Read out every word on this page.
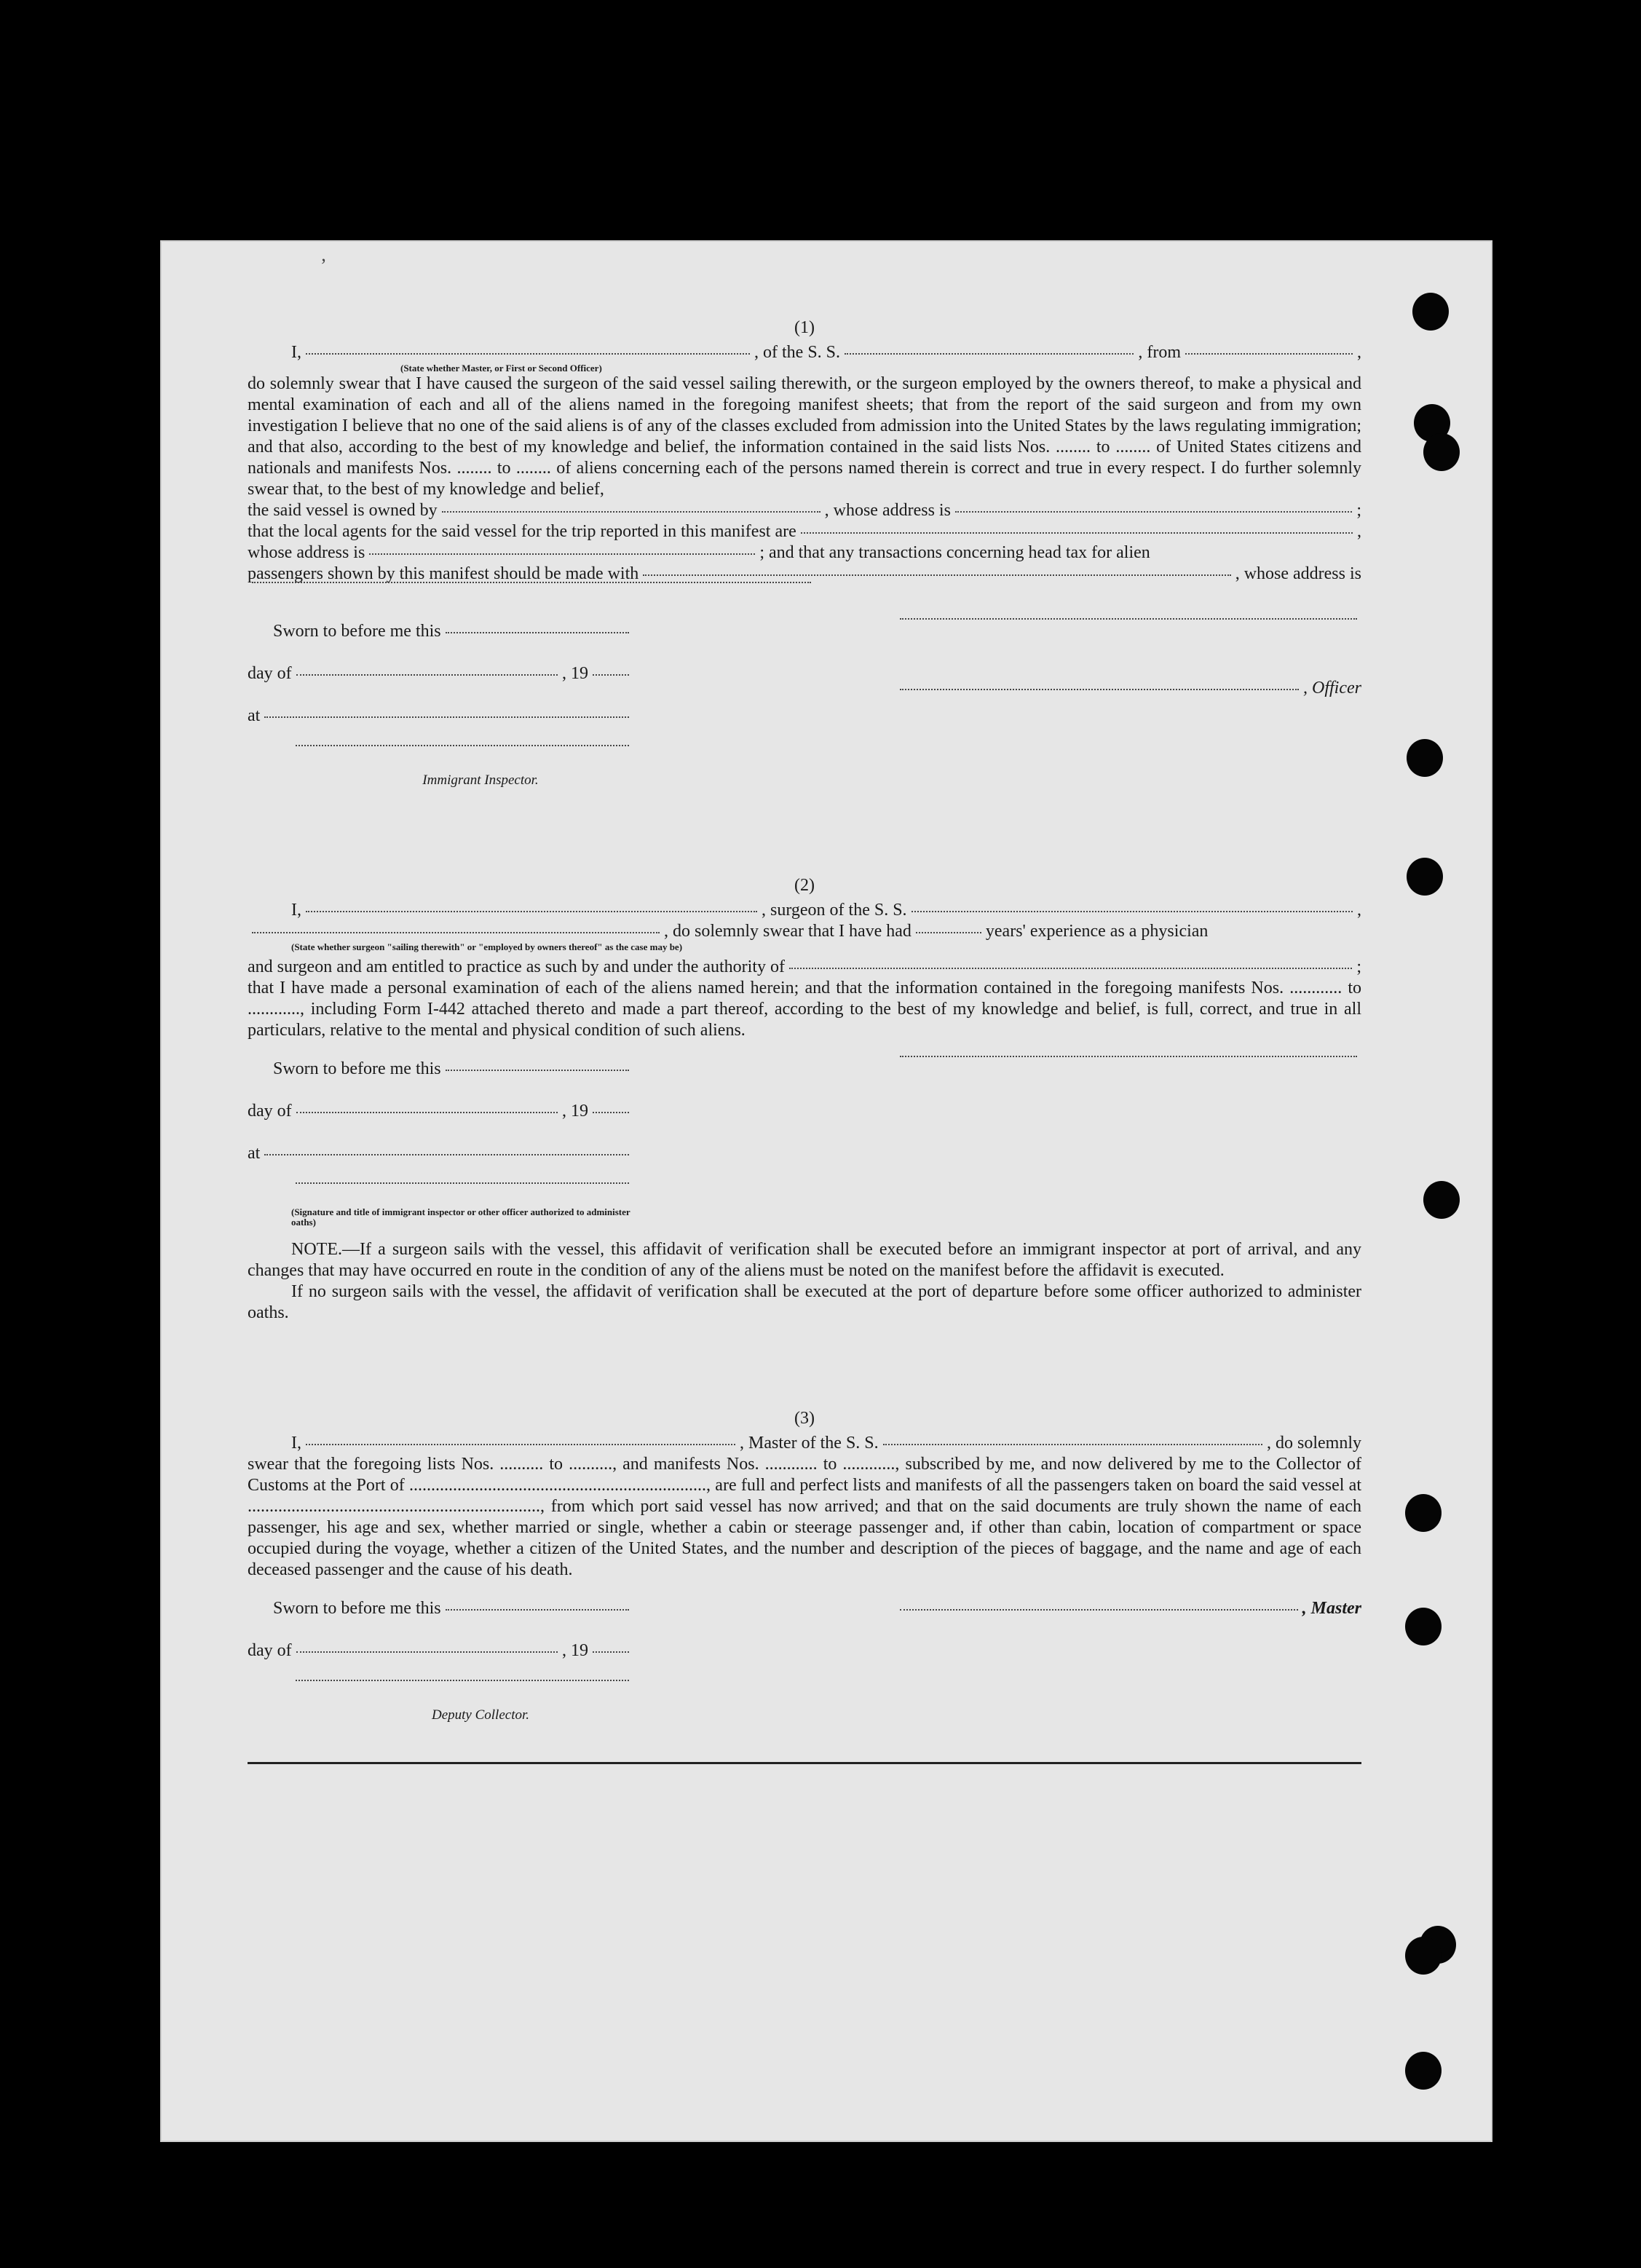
’

(1)

I,	, of the S. S.	, from	,
(State whether Master, or First or Second Officer)

do solemnly swear that I have caused the surgeon of the said vessel sailing therewith, or the surgeon employed by the owners thereof, to make a physical and mental examination of each and all of the aliens named in the foregoing manifest sheets; that from the report of the said surgeon and from my own investigation I believe that no one of the said aliens is of any of the classes excluded from admission into the United States by the laws regulating immigration; and that also, according to the best of my knowledge and belief, the information contained in the said lists Nos. ........ to ........ of United States citizens and nationals and manifests Nos. ........ to ........ of aliens concerning each of the persons named therein is correct and true in every respect. I do further solemnly swear that, to the best of my knowledge and belief,

the said vessel is owned by	, whose address is	;
that the local agents for the said vessel for the trip reported in this manifest are	,
whose address is	; and that any transactions concerning head tax for alien
passengers shown by this manifest should be made with	, whose address is
Sworn to before me this
day of	, 19
at
Immigrant Inspector.
, Officer

(2)

I,	, surgeon of the S. S.	,
, do solemnly swear that I have had	years' experience as a physician
(State whether surgeon "sailing therewith" or "employed by owners thereof" as the case may be)
and surgeon and am entitled to practice as such by and under the authority of	;

that I have made a personal examination of each of the aliens named herein; and that the information contained in the foregoing manifests Nos. ............ to ............, including Form I-442 attached thereto and made a part thereof, according to the best of my knowledge and belief, is full, correct, and true in all particulars, relative to the mental and physical condition of such aliens.

Sworn to before me this
day of	, 19
at
(Signature and title of immigrant inspector or other officer authorized to administer oaths)

NOTE.—If a surgeon sails with the vessel, this affidavit of verification shall be executed before an immigrant inspector at port of arrival, and any changes that may have occurred en route in the condition of any of the aliens must be noted on the manifest before the affidavit is executed.

If no surgeon sails with the vessel, the affidavit of verification shall be executed at the port of departure before some officer authorized to administer oaths.

(3)

I,	, Master of the S. S.	, do solemnly

swear that the foregoing lists Nos. .......... to .........., and manifests Nos. ............ to ............, subscribed by me, and now delivered by me to the Collector of Customs at the Port of ...................................................................., are full and perfect lists and manifests of all the passengers taken on board the said vessel at ..................................................................., from which port said vessel has now arrived; and that on the said documents are truly shown the name of each passenger, his age and sex, whether married or single, whether a cabin or steerage passenger and, if other than cabin, location of compartment or space occupied during the voyage, whether a citizen of the United States, and the number and description of the pieces of baggage, and the name and age of each deceased passenger and the cause of his death.

Sworn to before me this
day of	, 19
Deputy Collector.
, Master
